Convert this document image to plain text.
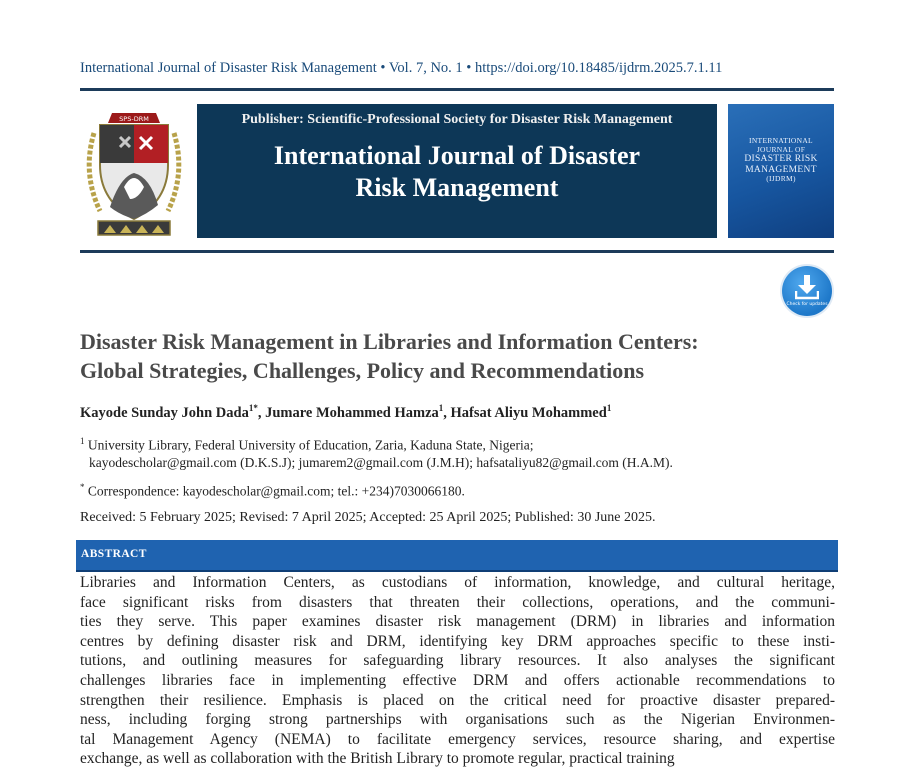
International Journal of Disaster Risk Management • Vol. 7, No. 1 • https://doi.org/10.18485/ijdrm.2025.7.1.11
SPS-DRM	Publisher: Scientific-Professional Society for Disaster Risk Management
International Journal of Disaster
Risk Management
INTERNATIONAL JOURNAL OF
DISASTER RISK
MANAGEMENT
(IJDRM)
Check for updates
Disaster Risk Management in Libraries and Information Centers:
Global Strategies, Challenges, Policy and Recommendations
Kayode Sunday John Dada$^{1*}$, Jumare Mohammed Hamza$^1$, Hafsat Aliyu Mohammed$^1$
$^1$ University Library, Federal University of Education, Zaria, Kaduna State, Nigeria;
kayodescholar@gmail.com (D.K.S.J); jumarem2@gmail.com (J.M.H); hafsataliyu82@gmail.com (H.A.M).
* Correspondence: kayodescholar@gmail.com; tel.: +234)7030066180.
Received: 5 February 2025; Revised: 7 April 2025; Accepted: 25 April 2025; Published: 30 June 2025.
ABSTRACT
Libraries and Information Centers, as custodians of information, knowledge, and cultural heritage,
face significant risks from disasters that threaten their collections, operations, and the communi-
ties they serve. This paper examines disaster risk management (DRM) in libraries and information
centres by defining disaster risk and DRM, identifying key DRM approaches specific to these insti-
tutions, and outlining measures for safeguarding library resources. It also analyses the significant
challenges libraries face in implementing effective DRM and offers actionable recommendations to
strengthen their resilience. Emphasis is placed on the critical need for proactive disaster prepared-
ness, including forging strong partnerships with organisations such as the Nigerian Environmen-
tal Management Agency (NEMA) to facilitate emergency services, resource sharing, and expertise
exchange, as well as collaboration with the British Library to promote regular, practical training
